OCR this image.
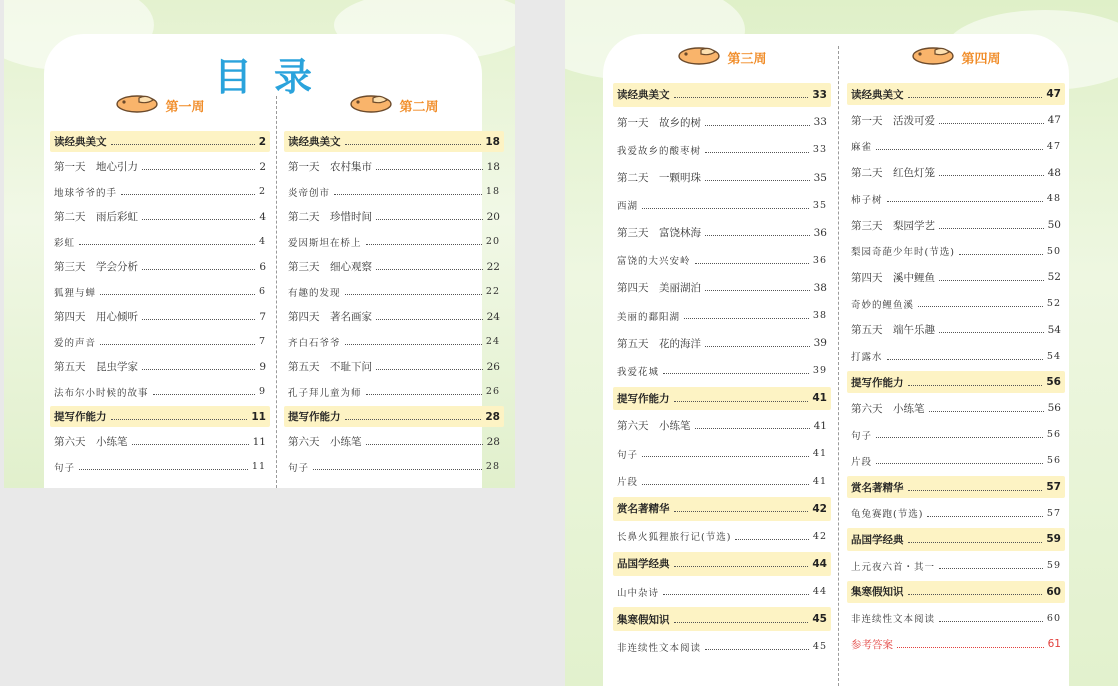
目录
第一周
读经典美文	2
第一天　地心引力	2
地球爷爷的手	2
第二天　雨后彩虹	4
彩虹	4
第三天　学会分析	6
狐狸与蝉	6
第四天　用心倾听	7
爱的声音	7
第五天　昆虫学家	9
法布尔小时候的故事	9
提写作能力	11
第六天　小练笔	11
句子	11
第二周
读经典美文	18
第一天　农村集市	18
炎帝创市	18
第二天　珍惜时间	20
爱因斯坦在桥上	20
第三天　细心观察	22
有趣的发现	22
第四天　著名画家	24
齐白石爷爷	24
第五天　不耻下问	26
孔子拜儿童为师	26
提写作能力	28
第六天　小练笔	28
句子	28
第三周
读经典美文	33
第一天　故乡的树	33
我爱故乡的酸枣树	33
第二天　一颗明珠	35
西湖	35
第三天　富饶林海	36
富饶的大兴安岭	36
第四天　美丽湖泊	38
美丽的鄱阳湖	38
第五天　花的海洋	39
我爱花城	39
提写作能力	41
第六天　小练笔	41
句子	41
片段	41
赏名著精华	42
长鼻火狐狸旅行记(节选)	42
品国学经典	44
山中杂诗	44
集寒假知识	45
非连续性文本阅读	45
第四周
读经典美文	47
第一天　活泼可爱	47
麻雀	47
第二天　红色灯笼	48
柿子树	48
第三天　梨园学艺	50
梨园奇葩少年时(节选)	50
第四天　溪中鲤鱼	52
奇妙的鲤鱼溪	52
第五天　端午乐趣	54
打露水	54
提写作能力	56
第六天　小练笔	56
句子	56
片段	56
赏名著精华	57
龟兔赛跑(节选)	57
品国学经典	59
上元夜六首・其一	59
集寒假知识	60
非连续性文本阅读	60
参考答案	61
